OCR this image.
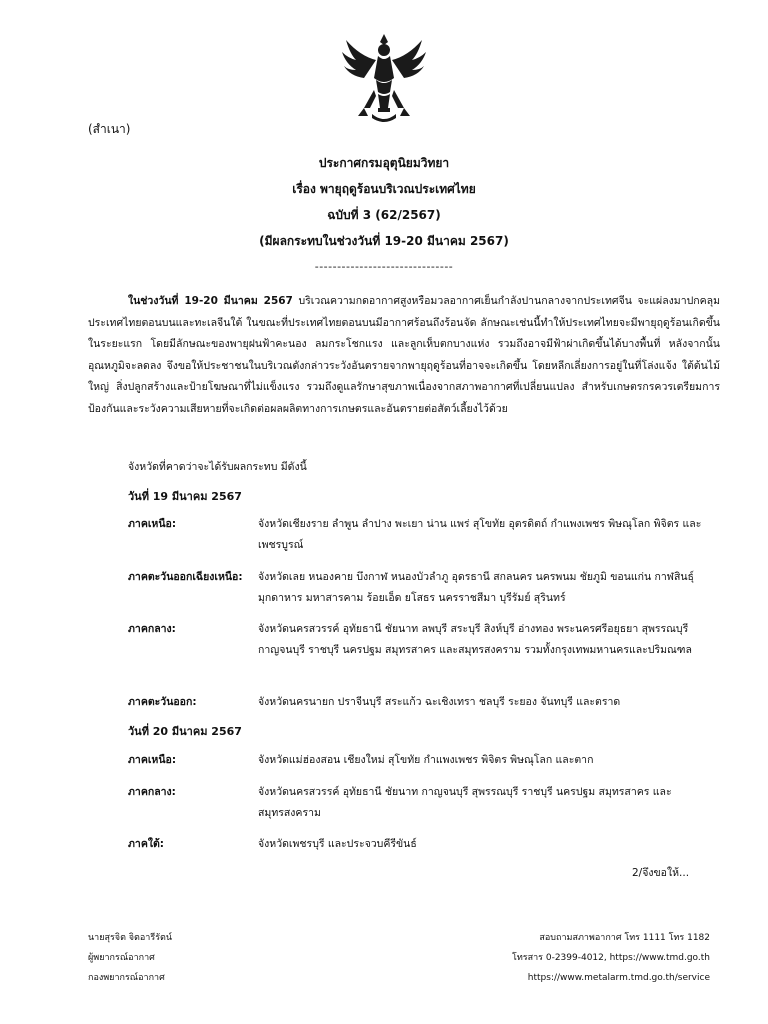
(สำเนา)
ประกาศกรมอุตุนิยมวิทยา
เรื่อง พายุฤดูร้อนบริเวณประเทศไทย
ฉบับที่ 3 (62/2567)
(มีผลกระทบในช่วงวันที่ 19-20 มีนาคม 2567)
-------------------------------
ในช่วงวันที่ 19-20 มีนาคม 2567 บริเวณความกดอากาศสูงหรือมวลอากาศเย็นกำลังปานกลางจากประเทศจีน จะแผ่ลงมาปกคลุมประเทศไทยตอนบนและทะเลจีนใต้ ในขณะที่ประเทศไทยตอนบนมีอากาศร้อนถึงร้อนจัด ลักษณะเช่นนี้ทำให้ประเทศไทยจะมีพายุฤดูร้อนเกิดขึ้นในระยะแรก โดยมีลักษณะของพายุฝนฟ้าคะนอง ลมกระโชกแรง และลูกเห็บตกบางแห่ง รวมถึงอาจมีฟ้าผ่าเกิดขึ้นได้บางพื้นที่ หลังจากนั้นอุณหภูมิจะลดลง จึงขอให้ประชาชนในบริเวณดังกล่าวระวังอันตรายจากพายุฤดูร้อนที่อาจจะเกิดขึ้น โดยหลีกเลี่ยงการอยู่ในที่โล่งแจ้ง ใต้ต้นไม้ใหญ่ สิ่งปลูกสร้างและป้ายโฆษณาที่ไม่แข็งแรง รวมถึงดูแลรักษาสุขภาพเนื่องจากสภาพอากาศที่เปลี่ยนแปลง สำหรับเกษตรกรควรเตรียมการป้องกันและระวังความเสียหายที่จะเกิดต่อผลผลิตทางการเกษตรและอันตรายต่อสัตว์เลี้ยงไว้ด้วย
จังหวัดที่คาดว่าจะได้รับผลกระทบ มีดังนี้
วันที่ 19 มีนาคม 2567
ภาคเหนือ:	จังหวัดเชียงราย ลำพูน ลำปาง พะเยา น่าน แพร่ สุโขทัย อุตรดิตถ์ กำแพงเพชร พิษณุโลก พิจิตร และเพชรบูรณ์
ภาคตะวันออกเฉียงเหนือ: จังหวัดเลย หนองคาย บึงกาฬ หนองบัวลำภู อุดรธานี สกลนคร นครพนม ชัยภูมิ ขอนแก่น กาฬสินธุ์ มุกดาหาร มหาสารคาม ร้อยเอ็ด ยโสธร นครราชสีมา บุรีรัมย์ สุรินทร์
ภาคกลาง:	จังหวัดนครสวรรค์ อุทัยธานี ชัยนาท ลพบุรี สระบุรี สิงห์บุรี อ่างทอง พระนครศรีอยุธยา สุพรรณบุรี กาญจนบุรี ราชบุรี นครปฐม สมุทรสาคร และสมุทรสงคราม รวมทั้งกรุงเทพมหานครและปริมณฑล
ภาคตะวันออก:	จังหวัดนครนายก ปราจีนบุรี สระแก้ว ฉะเชิงเทรา ชลบุรี ระยอง จันทบุรี และตราด
วันที่ 20 มีนาคม 2567
ภาคเหนือ:	จังหวัดแม่ฮ่องสอน เชียงใหม่ สุโขทัย กำแพงเพชร พิจิตร พิษณุโลก และตาก
ภาคกลาง:	จังหวัดนครสวรรค์ อุทัยธานี ชัยนาท กาญจนบุรี สุพรรณบุรี ราชบุรี นครปฐม สมุทรสาคร และสมุทรสงคราม
ภาคใต้:	จังหวัดเพชรบุรี และประจวบคีรีขันธ์
2/จึงขอให้...
นายสุรจิต จิตอารีรัตน์
ผู้พยากรณ์อากาศ
กองพยากรณ์อากาศ
สอบถามสภาพอากาศ โทร 1111 โทร 1182
โทรสาร 0-2399-4012, https://www.tmd.go.th
https://www.metalarm.tmd.go.th/service
